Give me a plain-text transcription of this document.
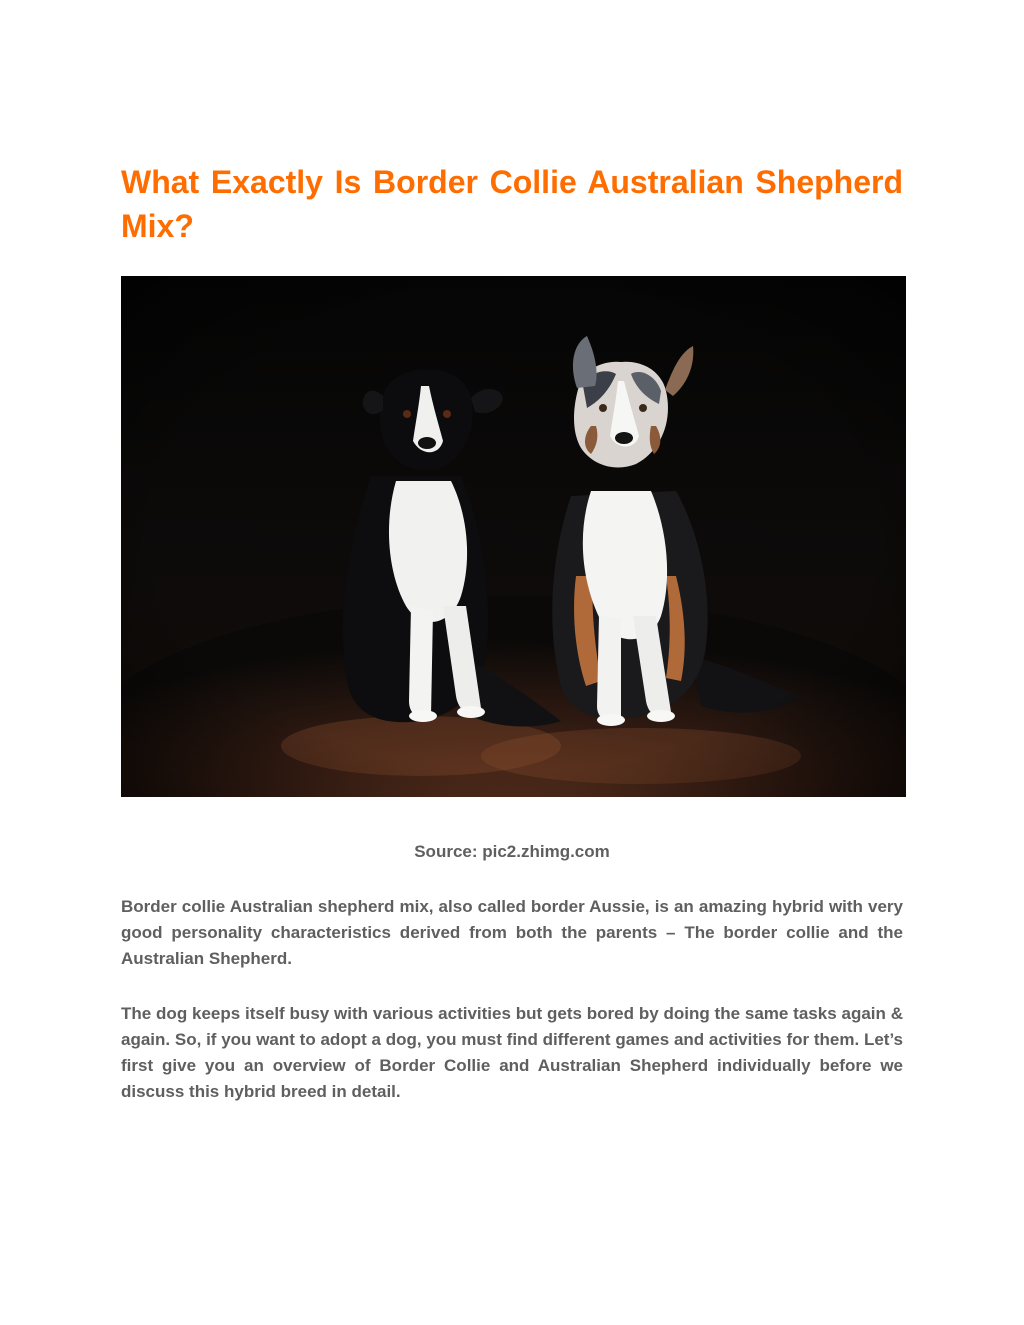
What Exactly Is Border Collie Australian Shepherd Mix?

Source: pic2.zhimg.com

Border collie Australian shepherd mix, also called border Aussie, is an amazing hybrid with very good personality characteristics derived from both the parents – The border collie and the Australian Shepherd.

The dog keeps itself busy with various activities but gets bored by doing the same tasks again & again. So, if you want to adopt a dog, you must find different games and activities for them. Let’s first give you an overview of Border Collie and Australian Shepherd individually before we discuss this hybrid breed in detail.
